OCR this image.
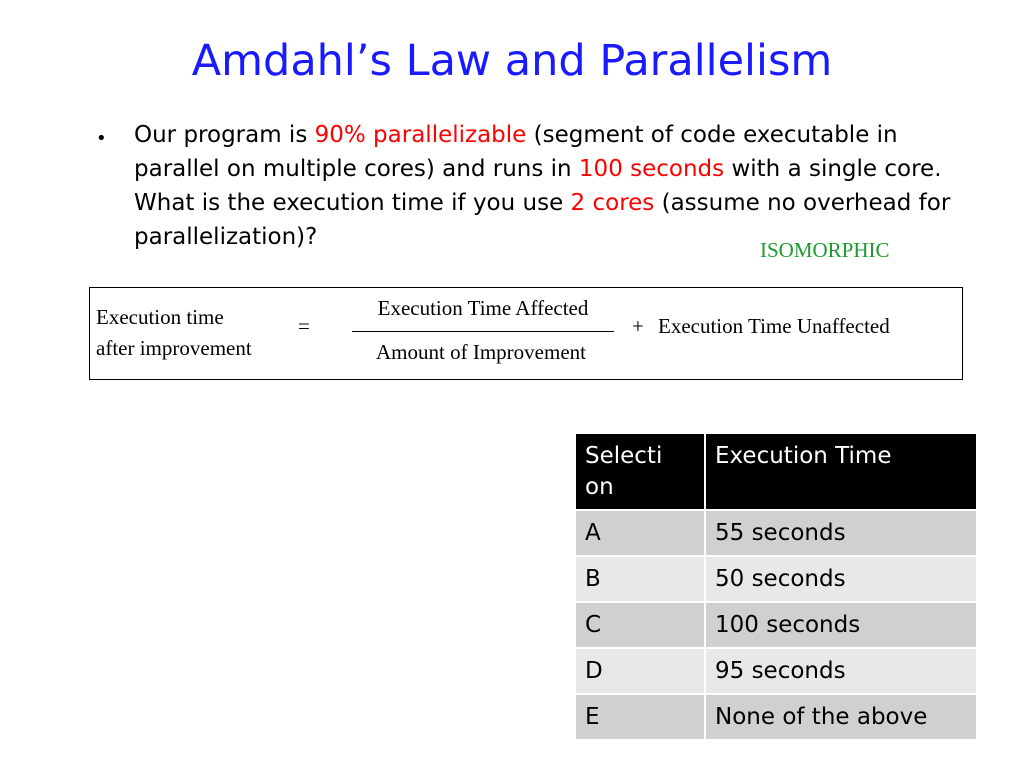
Amdahl’s Law and Parallelism
• Our program is 90% parallelizable (segment of code executable in parallel on multiple cores) and runs in 100 seconds with a single core. What is the execution time if you use 2 cores (assume no overhead for parallelization)?	ISOMORPHIC
Execution time
after improvement
=
Execution Time Affected
Amount of Improvement
+ Execution Time Unaffected
Selecti
on	Execution Time
A	55 seconds
B	50 seconds
C	100 seconds
D	95 seconds
E	None of the above
